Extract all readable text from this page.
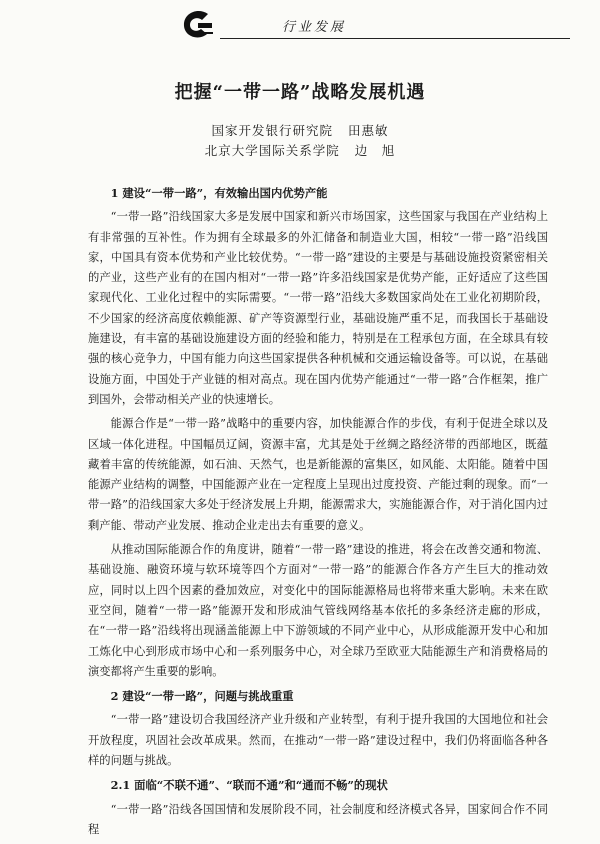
行业发展
把握“一带一路”战略发展机遇
国家开发银行研究院 田惠敏
北京大学国际关系学院 边　旭
1 建设“一带一路”，有效输出国内优势产能

“一带一路”沿线国家大多是发展中国家和新兴市场国家，这些国家与我国在产业结构上有非常强的互补性。作为拥有全球最多的外汇储备和制造业大国，相较“一带一路”沿线国家，中国具有资本优势和产业比较优势。“一带一路”建设的主要是与基础设施投资紧密相关的产业，这些产业有的在国内相对“一带一路”许多沿线国家是优势产能，正好适应了这些国家现代化、工业化过程中的实际需要。“一带一路”沿线大多数国家尚处在工业化初期阶段，不少国家的经济高度依赖能源、矿产等资源型行业，基础设施严重不足，而我国长于基础设施建设，有丰富的基础设施建设方面的经验和能力，特别是在工程承包方面，在全球具有较强的核心竞争力，中国有能力向这些国家提供各种机械和交通运输设备等。可以说，在基础设施方面，中国处于产业链的相对高点。现在国内优势产能通过“一带一路”合作框架，推广到国外，会带动相关产业的快速增长。

能源合作是“一带一路”战略中的重要内容，加快能源合作的步伐，有利于促进全球以及区域一体化进程。中国幅员辽阔，资源丰富，尤其是处于丝绸之路经济带的西部地区，既蕴藏着丰富的传统能源，如石油、天然气，也是新能源的富集区，如风能、太阳能。随着中国能源产业结构的调整，中国能源产业在一定程度上呈现出过度投资、产能过剩的现象。而“一带一路”的沿线国家大多处于经济发展上升期，能源需求大，实施能源合作，对于消化国内过剩产能、带动产业发展、推动企业走出去有重要的意义。

从推动国际能源合作的角度讲，随着“一带一路”建设的推进，将会在改善交通和物流、基础设施、融资环境与软环境等四个方面对“一带一路”的能源合作各方产生巨大的推动效应，同时以上四个因素的叠加效应，对变化中的国际能源格局也将带来重大影响。未来在欧亚空间，随着“一带一路”能源开发和形成油气管线网络基本依托的多条经济走廊的形成，在“一带一路”沿线将出现涵盖能源上中下游领域的不同产业中心，从形成能源开发中心和加工炼化中心到形成市场中心和一系列服务中心，对全球乃至欧亚大陆能源生产和消费格局的演变都将产生重要的影响。

2 建设“一带一路”，问题与挑战重重

“一带一路”建设切合我国经济产业升级和产业转型，有利于提升我国的大国地位和社会开放程度，巩固社会改革成果。然而，在推动“一带一路”建设过程中，我们仍将面临各种各样的问题与挑战。

2.1 面临“不联不通”、“联而不通”和“通而不畅”的现状

“一带一路”沿线各国国情和发展阶段不同，社会制度和经济模式各异，国家间合作不同程
